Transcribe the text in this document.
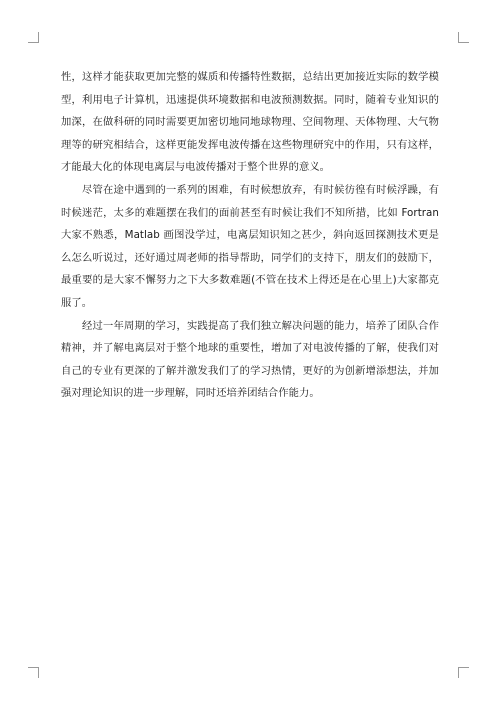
性，这样才能获取更加完整的媒质和传播特性数据，总结出更加接近实际的数学模型，利用电子计算机，迅速提供环境数据和电波预测数据。同时，随着专业知识的加深，在做科研的同时需要更加密切地同地球物理、空间物理、天体物理、大气物理等的研究相结合，这样更能发挥电波传播在这些物理研究中的作用，只有这样，才能最大化的体现电离层与电波传播对于整个世界的意义。

尽管在途中遇到的一系列的困难，有时候想放弃，有时候彷徨有时候浮躁，有时候迷茫，太多的难题摆在我们的面前甚至有时候让我们不知所措，比如 Fortran 大家不熟悉，Matlab 画图没学过，电离层知识知之甚少，斜向返回探测技术更是么怎么听说过，还好通过周老师的指导帮助，同学们的支持下，朋友们的鼓励下，最重要的是大家不懈努力之下大多数难题(不管在技术上得还是在心里上)大家都克服了。

经过一年周期的学习，实践提高了我们独立解决问题的能力，培养了团队合作精神，并了解电离层对于整个地球的重要性，增加了对电波传播的了解，使我们对自己的专业有更深的了解并激发我们了的学习热情，更好的为创新增添想法，并加强对理论知识的进一步理解，同时还培养团结合作能力。
